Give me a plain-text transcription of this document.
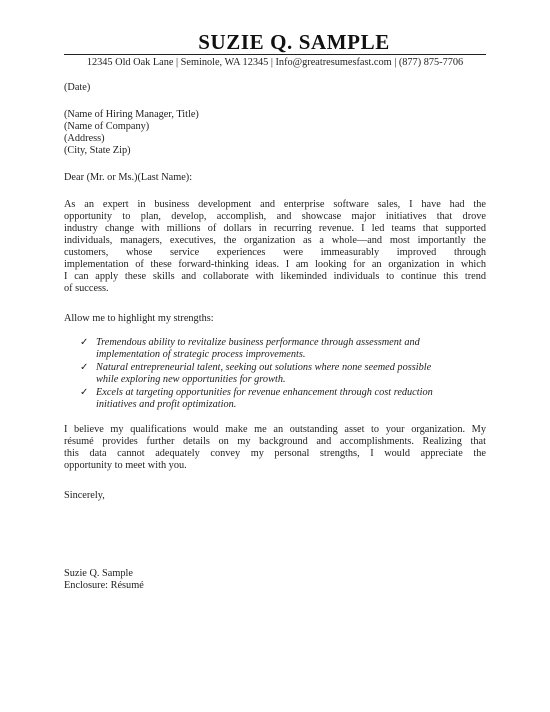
SUZIE Q. SAMPLE
12345 Old Oak Lane | Seminole, WA 12345 | Info@greatresumesfast.com | (877) 875-7706
(Date)
(Name of Hiring Manager, Title)
(Name of Company)
(Address)
(City, State Zip)
Dear (Mr. or Ms.)(Last Name):
As an expert in business development and enterprise software sales, I have had the
opportunity to plan, develop, accomplish, and showcase major initiatives that drove
industry change with millions of dollars in recurring revenue. I led teams that supported
individuals, managers, executives, the organization as a whole—and most importantly the
customers, whose service experiences were immeasurably improved through
implementation of these forward-thinking ideas. I am looking for an organization in which
I can apply these skills and collaborate with likeminded individuals to continue this trend
of success.
Allow me to highlight my strengths:
✓ Tremendous ability to revitalize business performance through assessment and
implementation of strategic process improvements.
✓ Natural entrepreneurial talent, seeking out solutions where none seemed possible
while exploring new opportunities for growth.
✓ Excels at targeting opportunities for revenue enhancement through cost reduction
initiatives and profit optimization.
I believe my qualifications would make me an outstanding asset to your organization. My
résumé provides further details on my background and accomplishments. Realizing that
this data cannot adequately convey my personal strengths, I would appreciate the
opportunity to meet with you.
Sincerely,
Suzie Q. Sample
Enclosure: Résumé
